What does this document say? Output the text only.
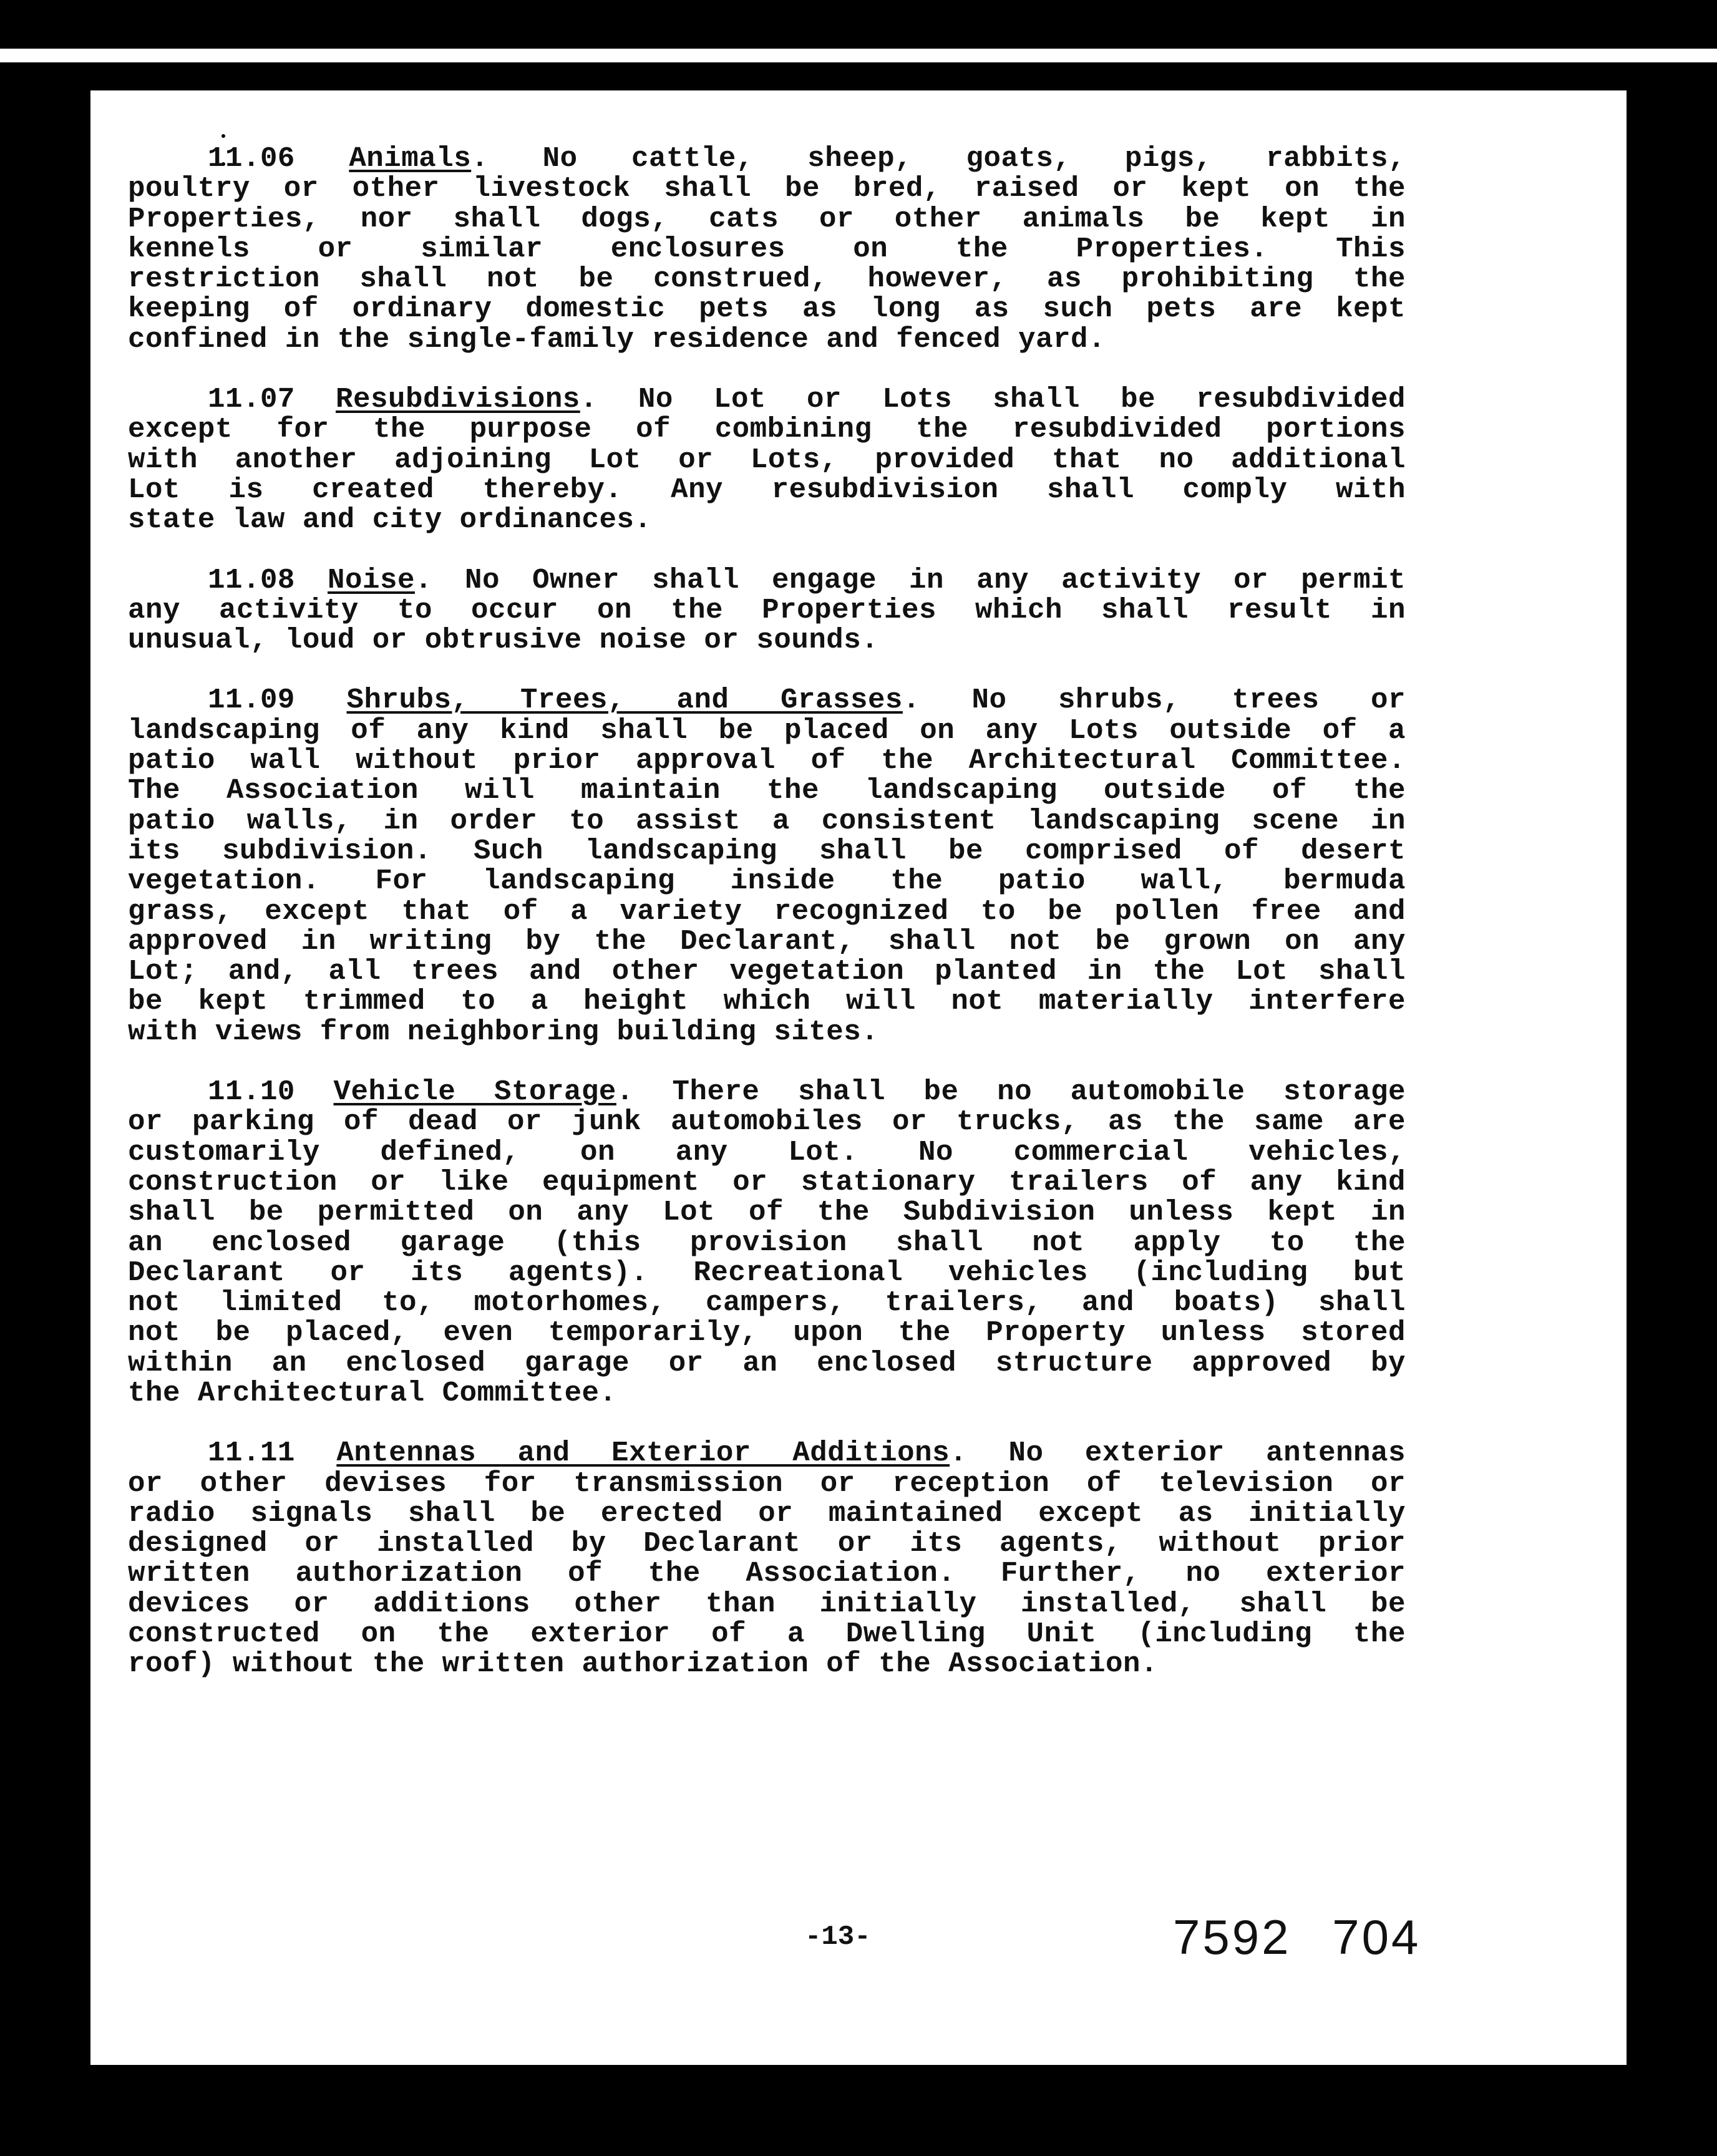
11.06 Animals. No cattle, sheep, goats, pigs, rabbits,
poultry or other livestock shall be bred, raised or kept on the
Properties, nor shall dogs, cats or other animals be kept in
kennels or similar enclosures on the Properties. This
restriction shall not be construed, however, as prohibiting the
keeping of ordinary domestic pets as long as such pets are kept
confined in the single-family residence and fenced yard.
11.07 Resubdivisions. No Lot or Lots shall be resubdivided
except for the purpose of combining the resubdivided portions
with another adjoining Lot or Lots, provided that no additional
Lot is created thereby. Any resubdivision shall comply with
state law and city ordinances.
11.08 Noise. No Owner shall engage in any activity or permit
any activity to occur on the Properties which shall result in
unusual, loud or obtrusive noise or sounds.
11.09 Shrubs, Trees, and Grasses. No shrubs, trees or
landscaping of any kind shall be placed on any Lots outside of a
patio wall without prior approval of the Architectural Committee.
The Association will maintain the landscaping outside of the
patio walls, in order to assist a consistent landscaping scene in
its subdivision. Such landscaping shall be comprised of desert
vegetation. For landscaping inside the patio wall, bermuda
grass, except that of a variety recognized to be pollen free and
approved in writing by the Declarant, shall not be grown on any
Lot; and, all trees and other vegetation planted in the Lot shall
be kept trimmed to a height which will not materially interfere
with views from neighboring building sites.
11.10 Vehicle Storage. There shall be no automobile storage
or parking of dead or junk automobiles or trucks, as the same are
customarily defined, on any Lot. No commercial vehicles,
construction or like equipment or stationary trailers of any kind
shall be permitted on any Lot of the Subdivision unless kept in
an enclosed garage (this provision shall not apply to the
Declarant or its agents). Recreational vehicles (including but
not limited to, motorhomes, campers, trailers, and boats) shall
not be placed, even temporarily, upon the Property unless stored
within an enclosed garage or an enclosed structure approved by
the Architectural Committee.
11.11 Antennas and Exterior Additions. No exterior antennas
or other devises for transmission or reception of television or
radio signals shall be erected or maintained except as initially
designed or installed by Declarant or its agents, without prior
written authorization of the Association. Further, no exterior
devices or additions other than initially installed, shall be
constructed on the exterior of a Dwelling Unit (including the
roof) without the written authorization of the Association.
-13-	7592 704
